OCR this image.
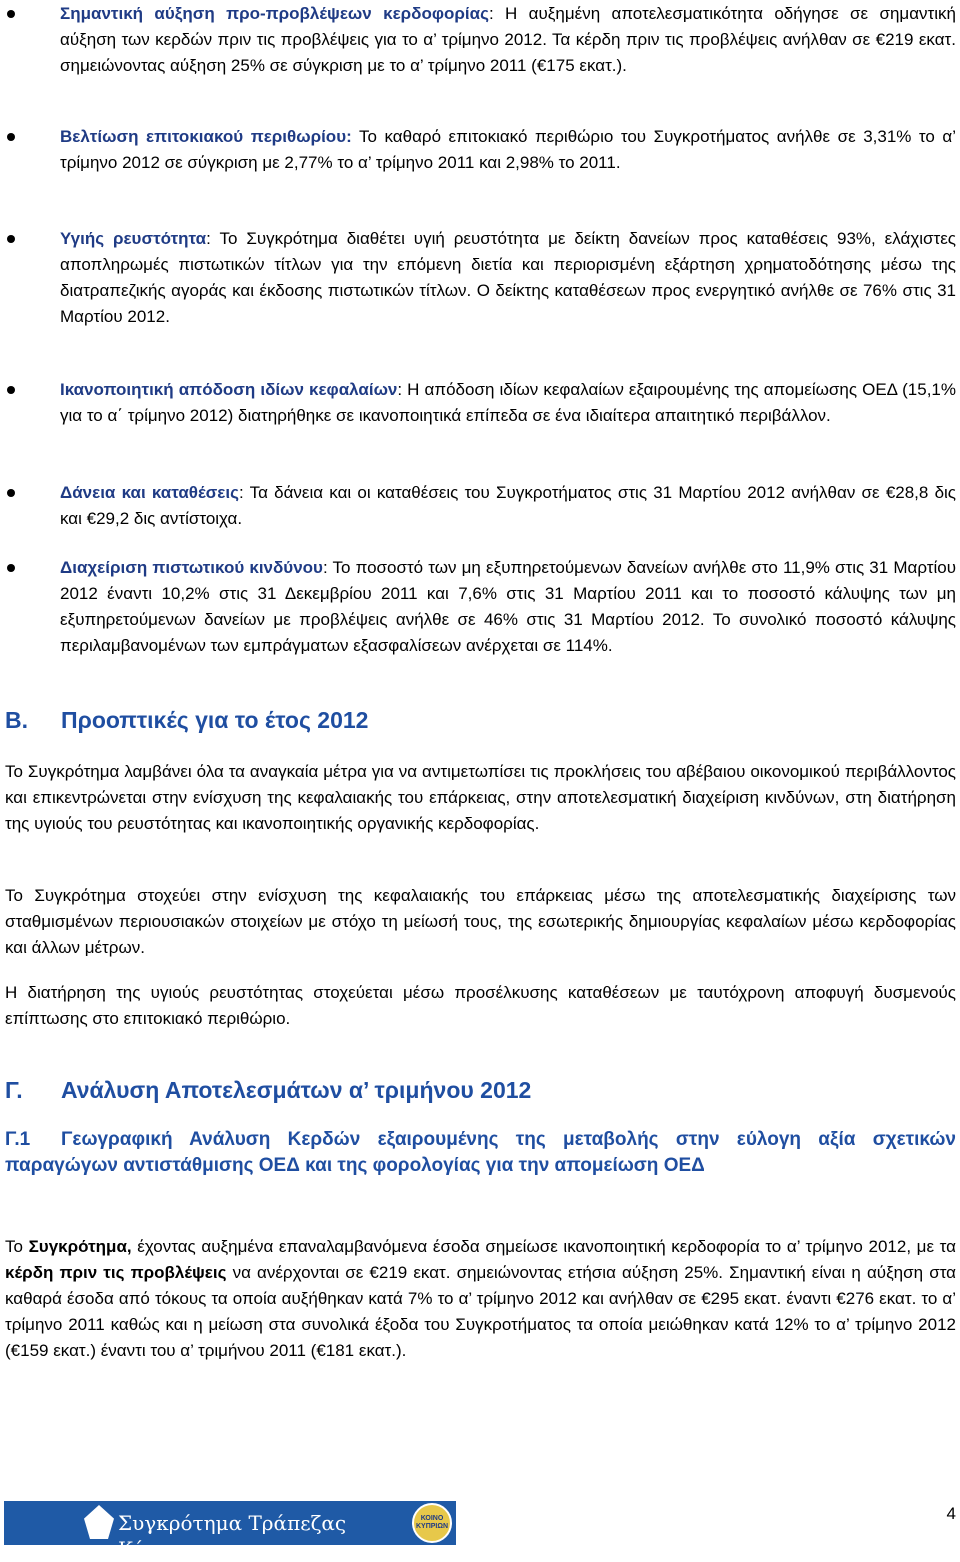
Σημαντική αύξηση προ-προβλέψεων κερδοφορίας: Η αυξημένη αποτελεσματικότητα οδήγησε σε σημαντική αύξηση των κερδών πριν τις προβλέψεις για το α’ τρίμηνο 2012. Τα κέρδη πριν τις προβλέψεις ανήλθαν σε €219 εκατ. σημειώνοντας αύξηση 25% σε σύγκριση με το α’ τρίμηνο 2011 (€175 εκατ.).
Βελτίωση επιτοκιακού περιθωρίου: Το καθαρό επιτοκιακό περιθώριο του Συγκροτήματος ανήλθε σε 3,31% το α’ τρίμηνο 2012 σε σύγκριση με 2,77% το α’ τρίμηνο 2011 και 2,98% το 2011.
Υγιής ρευστότητα: Το Συγκρότημα διαθέτει υγιή ρευστότητα με δείκτη δανείων προς καταθέσεις 93%, ελάχιστες αποπληρωμές πιστωτικών τίτλων για την επόμενη διετία και περιορισμένη εξάρτηση χρηματοδότησης μέσω της διατραπεζικής αγοράς και έκδοσης πιστωτικών τίτλων. Ο δείκτης καταθέσεων προς ενεργητικό ανήλθε σε 76% στις 31 Μαρτίου 2012.
Ικανοποιητική απόδοση ιδίων κεφαλαίων: Η απόδοση ιδίων κεφαλαίων εξαιρουμένης της απομείωσης ΟΕΔ (15,1% για το α΄ τρίμηνο 2012) διατηρήθηκε σε ικανοποιητικά επίπεδα σε ένα ιδιαίτερα απαιτητικό περιβάλλον.
Δάνεια και καταθέσεις: Τα δάνεια και οι καταθέσεις του Συγκροτήματος στις 31 Μαρτίου 2012 ανήλθαν σε €28,8 δις και €29,2 δις αντίστοιχα.
Διαχείριση πιστωτικού κινδύνου: Το ποσοστό των μη εξυπηρετούμενων δανείων ανήλθε στο 11,9% στις 31 Μαρτίου 2012 έναντι 10,2% στις 31 Δεκεμβρίου 2011 και 7,6% στις 31 Μαρτίου 2011 και το ποσοστό κάλυψης των μη εξυπηρετούμενων δανείων με προβλέψεις ανήλθε σε 46% στις 31 Μαρτίου 2012. Το συνολικό ποσοστό κάλυψης περιλαμβανομένων των εμπράγματων εξασφαλίσεων ανέρχεται σε 114%.
Β. Προοπτικές για το έτος 2012
Το Συγκρότημα λαμβάνει όλα τα αναγκαία μέτρα για να αντιμετωπίσει τις προκλήσεις του αβέβαιου οικονομικού περιβάλλοντος και επικεντρώνεται στην ενίσχυση της κεφαλαιακής του επάρκειας, στην αποτελεσματική διαχείριση κινδύνων, στη διατήρηση της υγιούς του ρευστότητας και ικανοποιητικής οργανικής κερδοφορίας.
Το Συγκρότημα στοχεύει στην ενίσχυση της κεφαλαιακής του επάρκειας μέσω της αποτελεσματικής διαχείρισης των σταθμισμένων περιουσιακών στοιχείων με στόχο τη μείωσή τους, της εσωτερικής δημιουργίας κεφαλαίων μέσω κερδοφορίας και άλλων μέτρων.
Η διατήρηση της υγιούς ρευστότητας στοχεύεται μέσω προσέλκυσης καταθέσεων με ταυτόχρονη αποφυγή δυσμενούς επίπτωσης στο επιτοκιακό περιθώριο.
Γ. Ανάλυση Αποτελεσμάτων α’ τριμήνου 2012
Γ.1 Γεωγραφική Ανάλυση Κερδών εξαιρουμένης της μεταβολής στην εύλογη αξία σχετικών παραγώγων αντιστάθμισης ΟΕΔ και της φορολογίας για την απομείωση ΟΕΔ
Το Συγκρότημα, έχοντας αυξημένα επαναλαμβανόμενα έσοδα σημείωσε ικανοποιητική κερδοφορία το α’ τρίμηνο 2012, με τα κέρδη πριν τις προβλέψεις να ανέρχονται σε €219 εκατ. σημειώνοντας ετήσια αύξηση 25%. Σημαντική είναι η αύξηση στα καθαρά έσοδα από τόκους τα οποία αυξήθηκαν κατά 7% το α’ τρίμηνο 2012 και ανήλθαν σε €295 εκατ. έναντι €276 εκατ. το α’ τρίμηνο 2011 καθώς και η μείωση στα συνολικά έξοδα του Συγκροτήματος τα οποία μειώθηκαν κατά 12% το α’ τρίμηνο 2012 (€159 εκατ.) έναντι του α’ τριμήνου 2011 (€181 εκατ.).
Συγκρότημα Τράπεζας Κύπρου
ΚΟΙΝΟ ΚΥΠΡΙΩΝ
4
